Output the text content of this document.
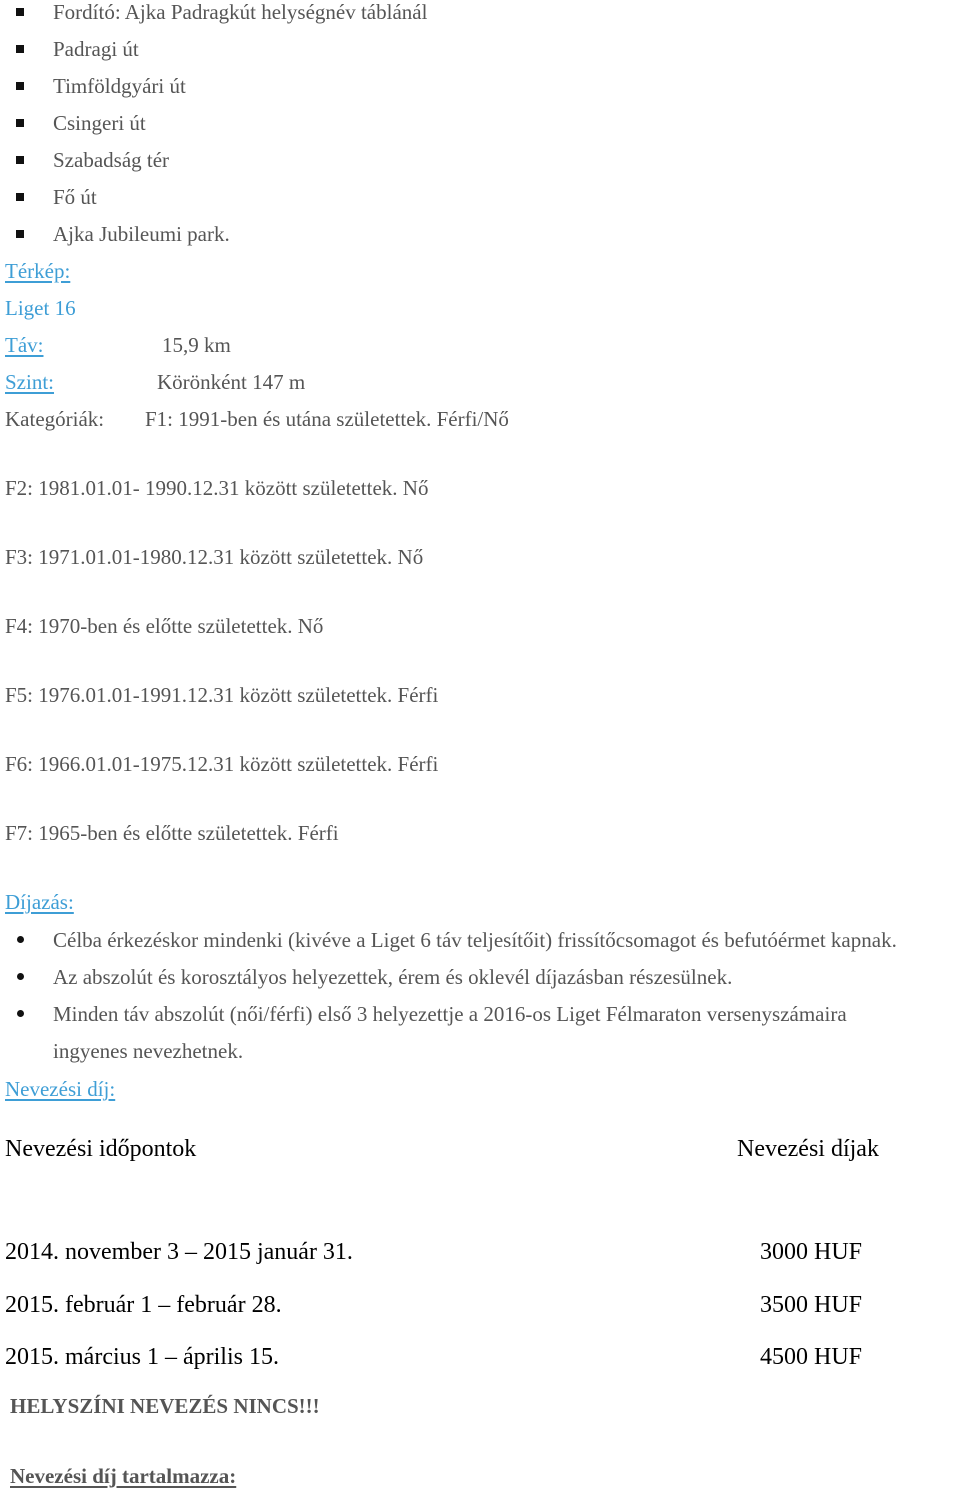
Fordító: Ajka Padragkút helységnév táblánál
Padragi út
Timföldgyári út
Csingeri út
Szabadság tér
Fő út
Ajka Jubileumi park.
Térkép:
Liget 16
Táv:	15,9 km
Szint:	Körönként 147 m
Kategóriák: F1: 1991-ben és utána születettek. Férfi/Nő
F2: 1981.01.01- 1990.12.31 között születettek. Nő
F3: 1971.01.01-1980.12.31 között születettek. Nő
F4: 1970-ben és előtte születettek. Nő
F5: 1976.01.01-1991.12.31 között születettek. Férfi
F6: 1966.01.01-1975.12.31 között születettek. Férfi
F7: 1965-ben és előtte születettek. Férfi
Díjazás:
Célba érkezéskor mindenki (kivéve a Liget 6 táv teljesítőit) frissítőcsomagot és befutóérmet kapnak.
Az abszolút és korosztályos helyezettek, érem és oklevél díjazásban részesülnek.
Minden táv abszolút (női/férfi) első 3 helyezettje a 2016-os Liget Félmaraton versenyszámaira
ingyenes nevezhetnek.
Nevezési díj:
Nevezési időpontok	Nevezési díjak
2014. november 3 – 2015 január 31.	3000 HUF
2015. február 1 – február 28.	3500 HUF
2015. március 1 – április 15.	4500 HUF
HELYSZÍNI NEVEZÉS NINCS!!!
Nevezési díj tartalmazza:
